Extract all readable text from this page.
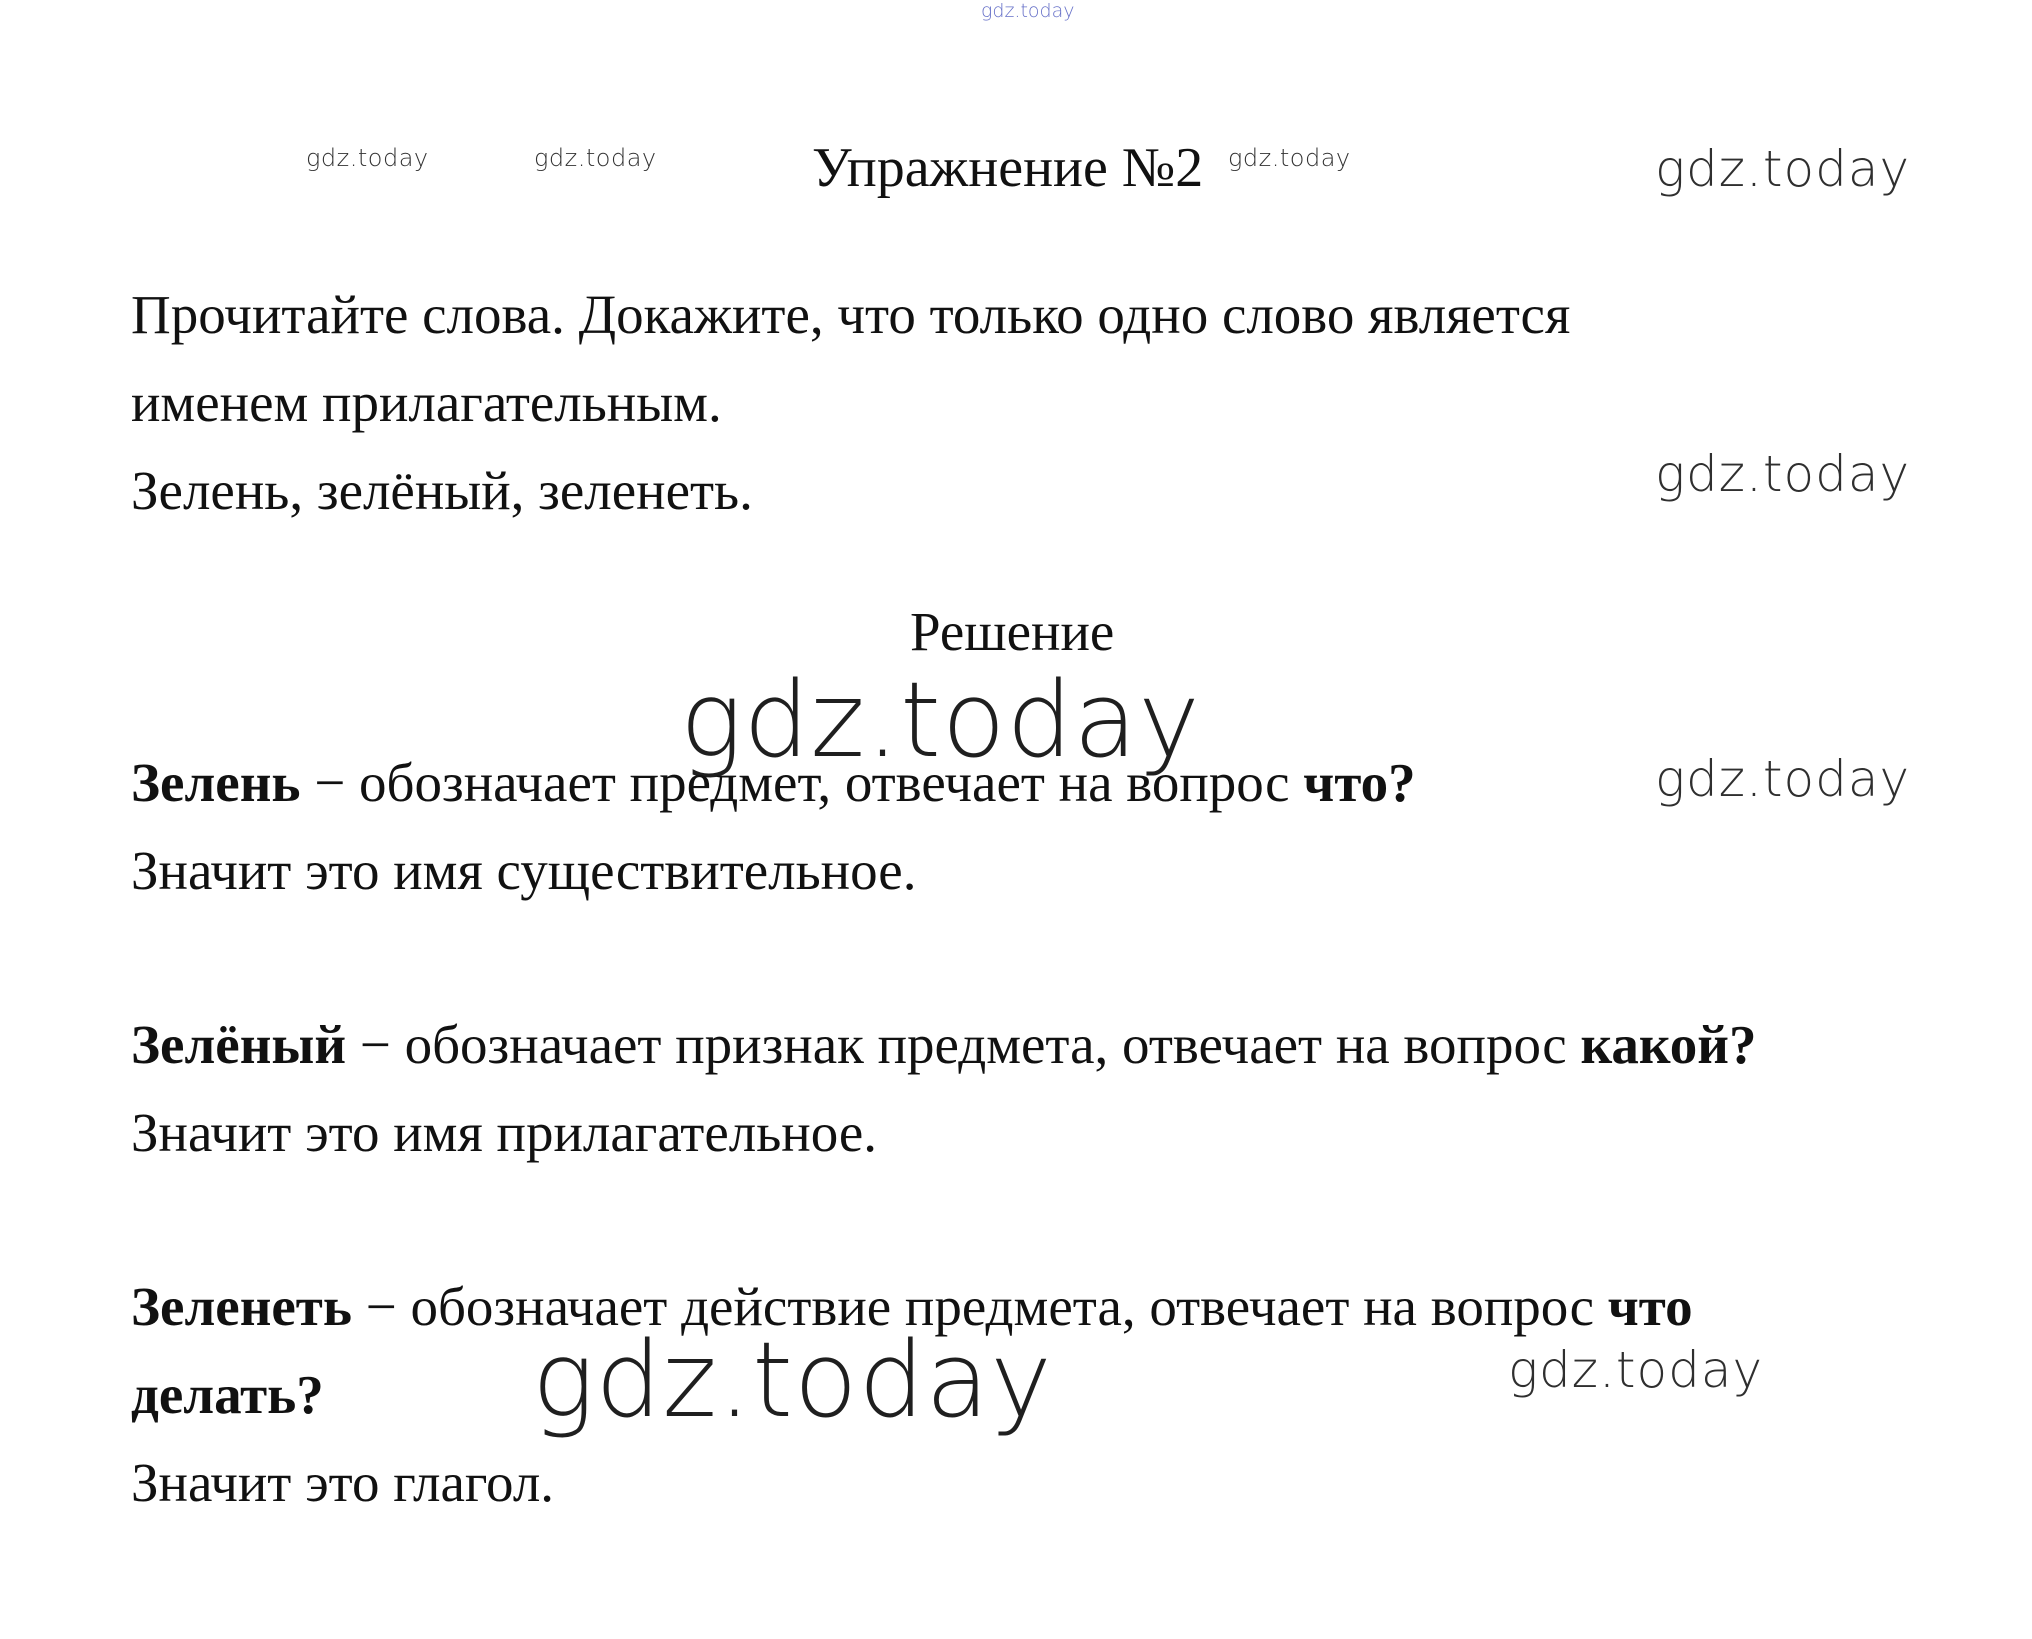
gdz.today
gdz.today	gdz.today	gdz.today	gdz.today
gdz.today
gdz.today	gdz.today
gdz.today	gdz.today
Упражнение №2
Прочитайте слова. Докажите, что только одно слово является
именем прилагательным.
Зелень, зелёный, зеленеть.
Решение
Зелень − обозначает предмет, отвечает на вопрос что?
Значит это имя существительное.
Зелёный − обозначает признак предмета, отвечает на вопрос какой?
Значит это имя прилагательное.
Зеленеть − обозначает действие предмета, отвечает на вопрос что
делать?
Значит это глагол.
